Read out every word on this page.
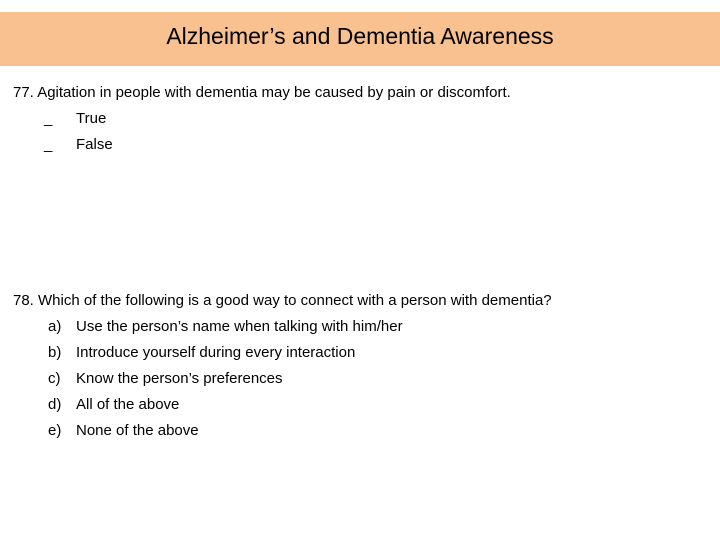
Alzheimer’s and Dementia Awareness
77. Agitation in people with dementia may be caused by pain or discomfort.
_	True
_	False
78. Which of the following is a good way to connect with a person with dementia?
a) Use the person’s name when talking with him/her
b) Introduce yourself during every interaction
c)	Know the person’s preferences
d) All of the above
e) None of the above
